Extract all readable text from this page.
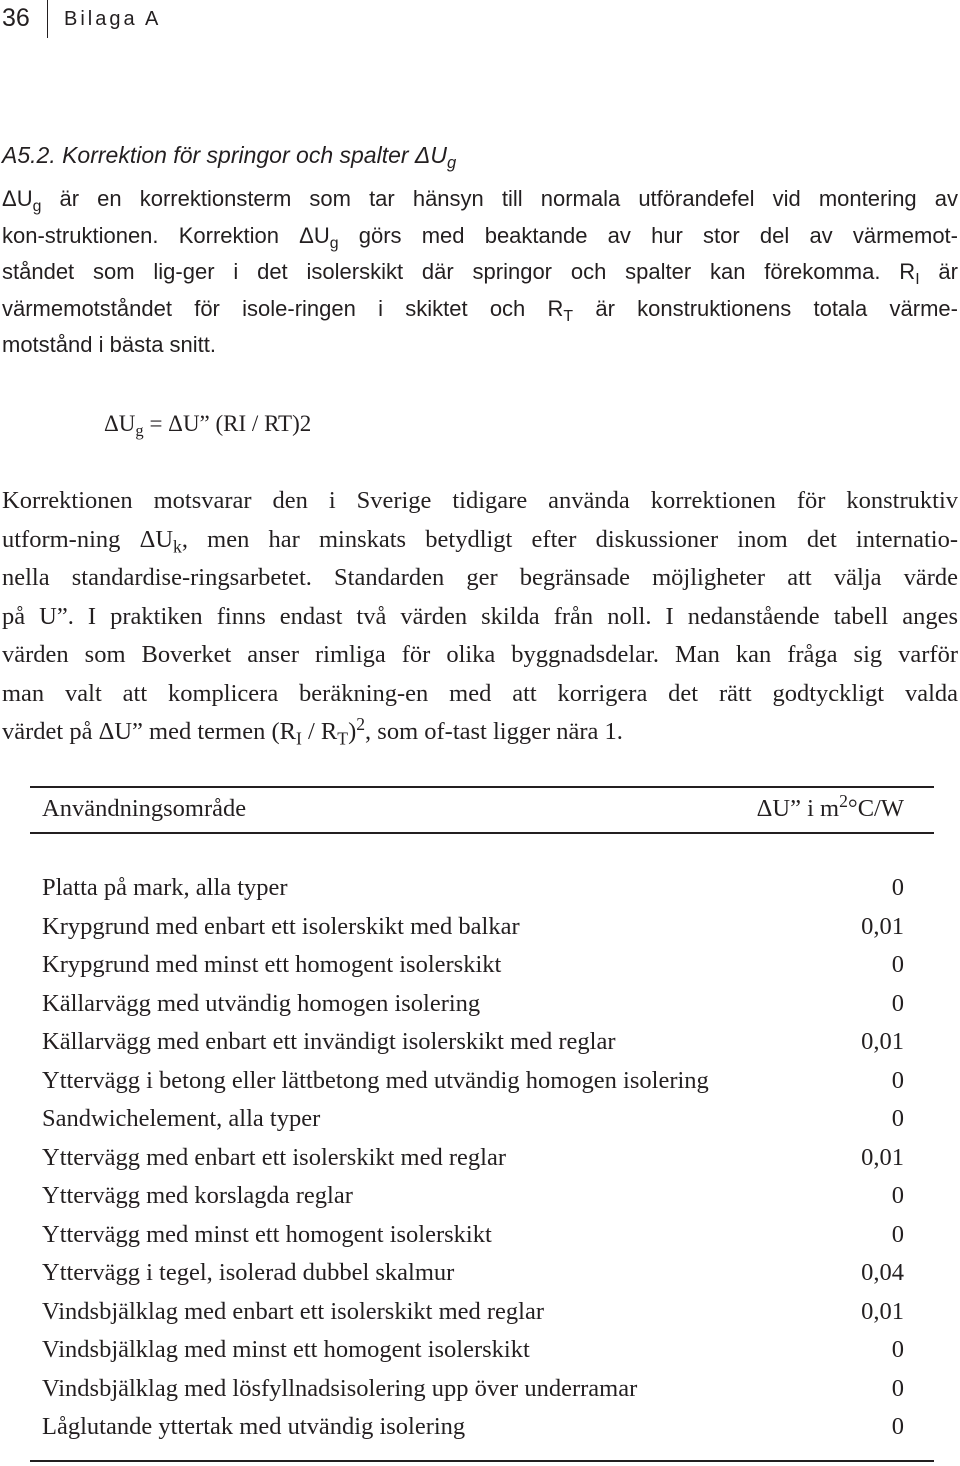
36 Bilaga A
A5.2. Korrektion för springor och spalter $\Delta U_g$
$\Delta U_g$ är en korrektionsterm som tar hänsyn till normala utförandefel vid montering av
kon-struktionen. Korrektion $\Delta U_g$ görs med beaktande av hur stor del av värmemot-
ståndet som lig-ger i det isolerskikt där springor och spalter kan förekomma. $R_I$ är
värmemotståndet för isole-ringen i skiktet och $R_T$ är konstruktionens totala värme-
motstånd i bästa snitt.
$\Delta U_g = \Delta U$” (RI / RT)2
Korrektionen motsvarar den i Sverige tidigare använda korrektionen för konstruktiv
utform-ning $\Delta U_k$, men har minskats betydligt efter diskussioner inom det internatio-
nella standardise-ringsarbetet. Standarden ger begränsade möjligheter att välja värde
på U”. I praktiken finns endast två värden skilda från noll. I nedanstående tabell anges
värden som Boverket anser rimliga för olika byggnadsdelar. Man kan fråga sig varför
man valt att komplicera beräkning-en med att korrigera det rätt godtyckligt valda
värdet på ΔU” med termen $(R_I / R_T)^2$, som of-tast ligger nära 1.
Användningsområde	ΔU” i $m^2^\circ C/W$
Platta på mark, alla typer	0
Krypgrund med enbart ett isolerskikt med balkar	0,01
Krypgrund med minst ett homogent isolerskikt	0
Källarvägg med utvändig homogen isolering	0
Källarvägg med enbart ett invändigt isolerskikt med reglar	0,01
Yttervägg i betong eller lättbetong med utvändig homogen isolering	0
Sandwichelement, alla typer	0
Yttervägg med enbart ett isolerskikt med reglar	0,01
Yttervägg med korslagda reglar	0
Yttervägg med minst ett homogent isolerskikt	0
Yttervägg i tegel, isolerad dubbel skalmur	0,04
Vindsbjälklag med enbart ett isolerskikt med reglar	0,01
Vindsbjälklag med minst ett homogent isolerskikt	0
Vindsbjälklag med lösfyllnadsisolering upp över underramar	0
Låglutande yttertak med utvändig isolering	0
